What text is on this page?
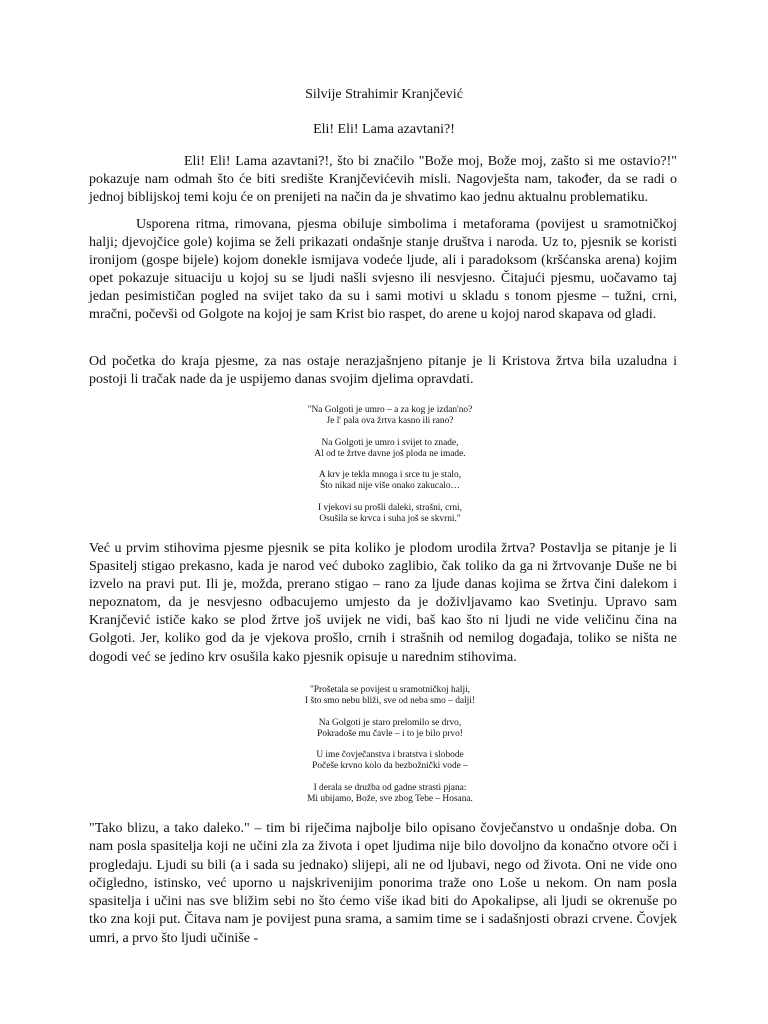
Silvije Strahimir Kranjčević
Eli! Eli! Lama azavtani?!

Eli! Eli! Lama azavtani?!, što bi značilo "Bože moj, Bože moj, zašto si me ostavio?!" pokazuje nam odmah što će biti središte Kranjčevićevih misli. Nagovješta nam, također, da se radi o jednoj biblijskoj temi koju će on prenijeti na način da je shvatimo kao jednu aktualnu problematiku.

Usporena ritma, rimovana, pjesma obiluje simbolima i metaforama (povijest u sramotničkoj halji; djevojčice gole) kojima se želi prikazati ondašnje stanje društva i naroda. Uz to, pjesnik se koristi ironijom (gospe bijele) kojom donekle ismijava vodeće ljude, ali i paradoksom (kršćanska arena) kojim opet pokazuje situaciju u kojoj su se ljudi našli svjesno ili nesvjesno. Čitajući pjesmu, uočavamo taj jedan pesimističan pogled na svijet tako da su i sami motivi u skladu s tonom pjesme – tužni, crni, mračni, počevši od Golgote na kojoj je sam Krist bio raspet, do arene u kojoj narod skapava od gladi.

Od početka do kraja pjesme, za nas ostaje nerazjašnjeno pitanje je li Kristova žrtva bila uzaludna i postoji li tračak nade da je uspijemo danas svojim djelima opravdati.

"Na Golgoti je umro – a za kog je izdan'no?
Je l' pala ova žrtva kasno ili rano?

Na Golgoti je umro i svijet to znade,
Al od te žrtve davne još ploda ne imade.

A krv je tekla mnoga i srce tu je stalo,
Što nikad nije više onako zakucalo…

I vjekovi su prošli daleki, strašni, crni,
Osušila se krvca i suha još se skvrni."

Već u prvim stihovima pjesme pjesnik se pita koliko je plodom urodila žrtva? Postavlja se pitanje je li Spasitelj stigao prekasno, kada je narod već duboko zaglibio, čak toliko da ga ni žrtvovanje Duše ne bi izvelo na pravi put. Ili je, možda, prerano stigao – rano za ljude danas kojima se žrtva čini dalekom i nepoznatom, da je nesvjesno odbacujemo umjesto da je doživljavamo kao Svetinju. Upravo sam Kranjčević ističe kako se plod žrtve još uvijek ne vidi, baš kao što ni ljudi ne vide veličinu čina na Golgoti. Jer, koliko god da je vjekova prošlo, crnih i strašnih od nemilog događaja, toliko se ništa ne dogodi već se jedino krv osušila kako pjesnik opisuje u narednim stihovima.

"Prošetala se povijest u sramotničkoj halji,
I što smo nebu bliži, sve od neba smo – dalji!

Na Golgoti je staro prelomilo se drvo,
Pokradoše mu čavle – i to je bilo prvo!

U ime čovječanstva i bratstva i slobode
Počeše krvno kolo da bezbožnički vode –

I derala se družba od gadne strasti pjana:
Mi ubijamo, Bože, sve zbog Tebe – Hosana.

"Tako blizu, a tako daleko." – tim bi riječima najbolje bilo opisano čovječanstvo u ondašnje doba. On nam posla spasitelja koji ne učini zla za života i opet ljudima nije bilo dovoljno da konačno otvore oči i progledaju. Ljudi su bili (a i sada su jednako) slijepi, ali ne od ljubavi, nego od života. Oni ne vide ono očigledno, istinsko, već uporno u najskrivenijim ponorima traže ono Loše u nekom. On nam posla spasitelja i učini nas sve bližim sebi no što ćemo više ikad biti do Apokalipse, ali ljudi se okrenuše po tko zna koji put. Čitava nam je povijest puna srama, a samim time se i sadašnjosti obrazi crvene. Čovjek umri, a prvo što ljudi učiniše -
